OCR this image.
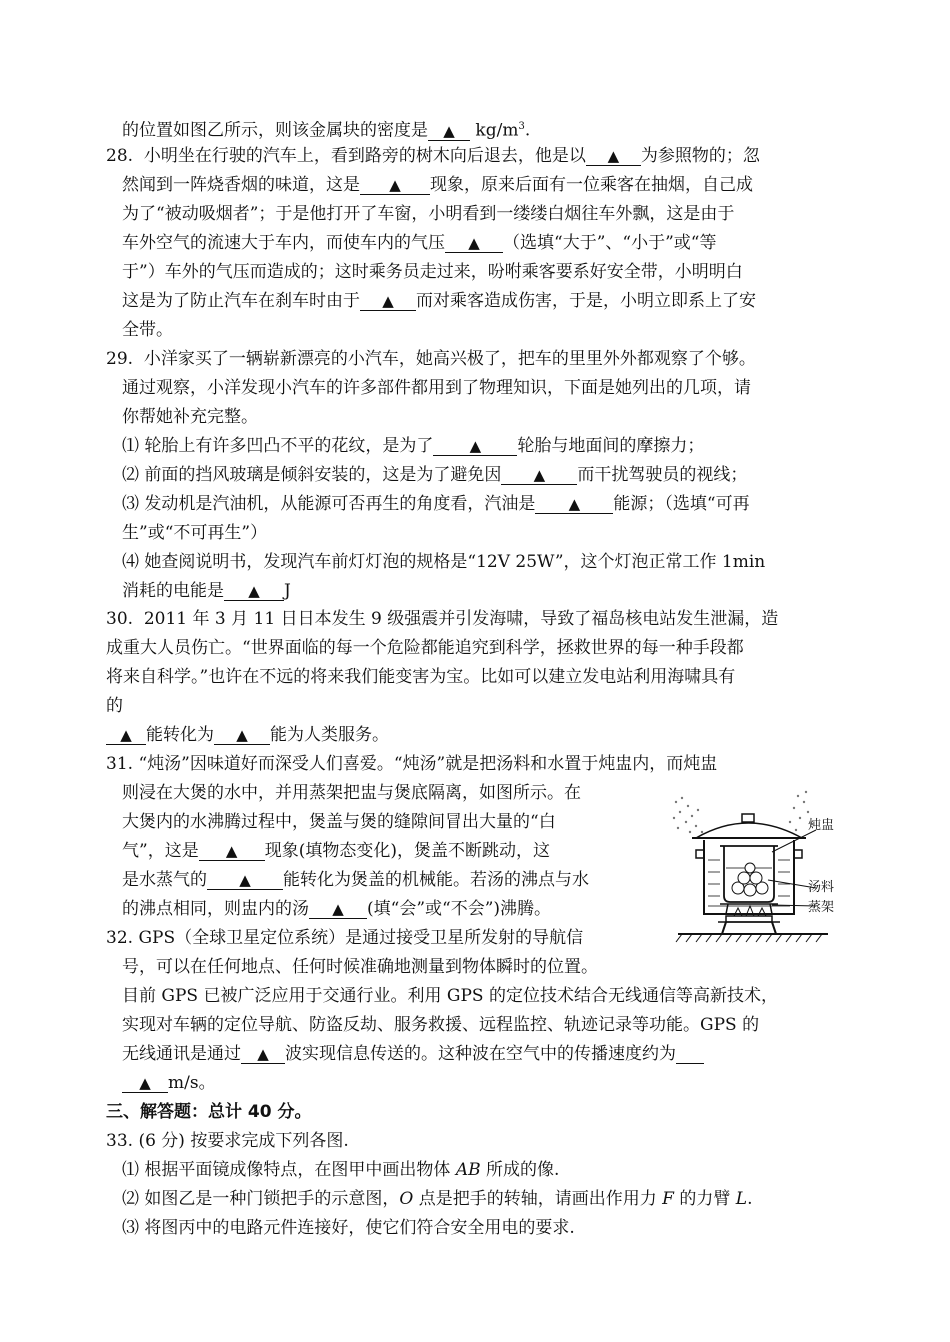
的位置如图乙所示，则该金属块的密度是 ▲ $kg/m^3$.
28. 小明坐在行驶的汽车上，看到路旁的树木向后退去，他是以 ▲ 为参照物的；忽
然闻到一阵烧香烟的味道，这是 ▲ 现象，原来后面有一位乘客在抽烟，自己成
为了“被动吸烟者”；于是他打开了车窗，小明看到一缕缕白烟往车外飘，这是由于
车外空气的流速大于车内，而使车内的气压 ▲ （选填“大于”、“小于”或“等
于”）车外的气压而造成的；这时乘务员走过来，吩咐乘客要系好安全带，小明明白
这是为了防止汽车在刹车时由于 ▲ 而对乘客造成伤害，于是，小明立即系上了安
全带。
29. 小洋家买了一辆崭新漂亮的小汽车，她高兴极了，把车的里里外外都观察了个够。
通过观察，小洋发现小汽车的许多部件都用到了物理知识，下面是她列出的几项，请
你帮她补充完整。
⑴ 轮胎上有许多凹凸不平的花纹，是为了 ▲ 轮胎与地面间的摩擦力；
⑵ 前面的挡风玻璃是倾斜安装的，这是为了避免因 ▲ 而干扰驾驶员的视线；
⑶ 发动机是汽油机，从能源可否再生的角度看，汽油是 ▲ 能源；（选填“可再
生”或“不可再生”）
⑷ 她查阅说明书，发现汽车前灯灯泡的规格是“12V 25W”，这个灯泡正常工作 1min
消耗的电能是 ▲ J
30. 2011 年 3 月 11 日日本发生 9 级强震并引发海啸，导致了福岛核电站发生泄漏，造
成重大人员伤亡。“世界面临的每一个危险都能追究到科学，拯救世界的每一种手段都
将来自科学。”也许在不远的将来我们能变害为宝。比如可以建立发电站利用海啸具有
的
▲ 能转化为 ▲ 能为人类服务。
31. “炖汤”因味道好而深受人们喜爱。“炖汤”就是把汤料和水置于炖盅内，而炖盅
则浸在大煲的水中，并用蒸架把盅与煲底隔离，如图所示。在
大煲内的水沸腾过程中，煲盖与煲的缝隙间冒出大量的“白
气”，这是 ▲ 现象(填物态变化)，煲盖不断跳动，这
是水蒸气的 ▲ 能转化为煲盖的机械能。若汤的沸点与水
的沸点相同，则盅内的汤 ▲ (填“会”或“不会”)沸腾。
炖盅
汤料
蒸架
32. GPS（全球卫星定位系统）是通过接受卫星所发射的导航信
号，可以在任何地点、任何时候准确地测量到物体瞬时的位置。
目前 GPS 已被广泛应用于交通行业。利用 GPS 的定位技术结合无线通信等高新技术，
实现对车辆的定位导航、防盗反劫、服务救援、远程监控、轨迹记录等功能。GPS 的
无线通讯是通过 ▲ 波实现信息传送的。这种波在空气中的传播速度约为
▲ m/s。
三、解答题：总计 40 分。
33. (6 分) 按要求完成下列各图.
⑴ 根据平面镜成像特点，在图甲中画出物体 AB 所成的像.
⑵ 如图乙是一种门锁把手的示意图，O 点是把手的转轴，请画出作用力 F 的力臂 L.
⑶ 将图丙中的电路元件连接好，使它们符合安全用电的要求.
